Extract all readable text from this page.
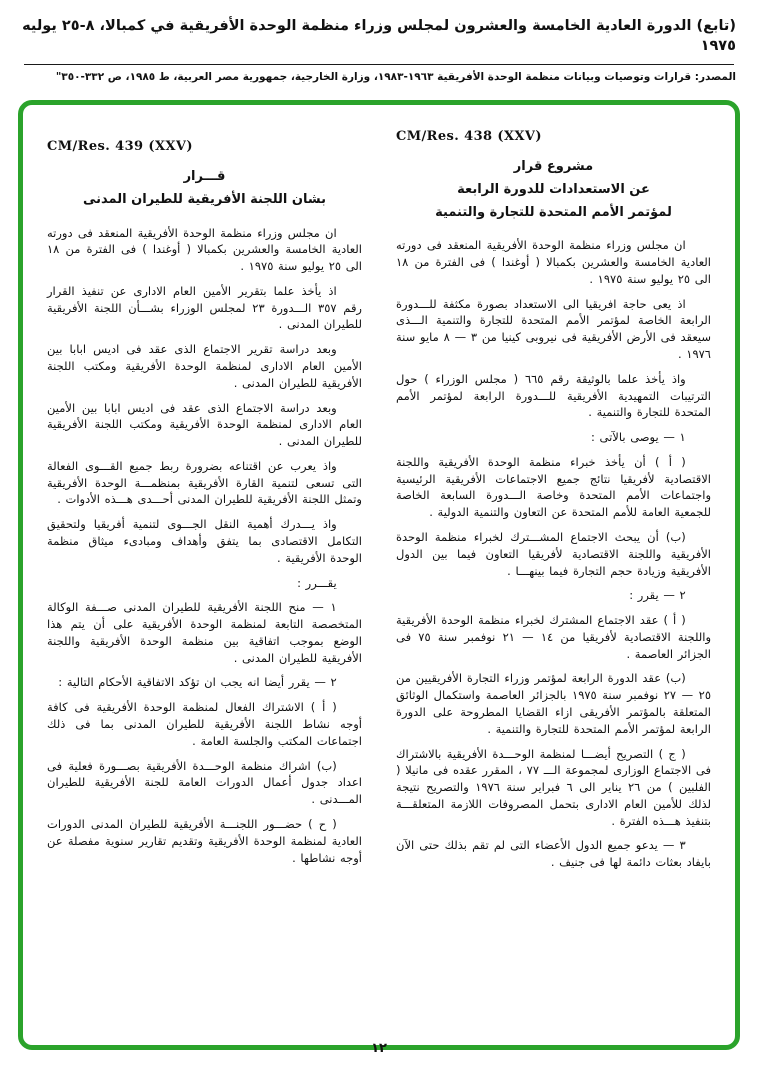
(تابع) الدورة العادية الخامسة والعشرون لمجلس وزراء منظمة الوحدة الأفريقية في كمبالا، ٨-٢٥ يوليه ١٩٧٥
المصدر: قرارات وتوصيات وبيانات منظمة الوحدة الأفريقية ١٩٦٣-١٩٨٣، وزارة الخارجية، جمهورية مصر العربية، ط ١٩٨٥، ص ٣٣٢-٣٥٠"
CM/Res. 438 (XXV)
مشروع قرار
عن الاستعدادات للدورة الرابعة
لمؤتمر الأمم المتحدة للتجارة والتنمية
ان مجلس وزراء منظمة الوحدة الأفريقية المنعقد فى دورته العادية الخامسة والعشرين بكمبالا ( أوغندا ) فى الفترة من ١٨ الى ٢٥ يوليو سنة ١٩٧٥ .
اذ يعى حاجة افريقيا الى الاستعداد بصورة مكثفة للـــدورة الرابعة الخاصة لمؤتمر الأمم المتحدة للتجارة والتنمية الـــذى سيعقد فى الأرض الأفريقية فى نيروبى كينيا من ٣ — ٨ مايو سنة ١٩٧٦ .
واذ يأخذ علما بالوثيقة رقم ٦٦٥ ( مجلس الوزراء ) حول الترتيبات التمهيدية الأفريقية للـــدورة الرابعة لمؤتمر الأمم المتحدة للتجارة والتنمية .
١ — يوصى بالآتى :
( أ ) أن يأخذ خبراء منظمة الوحدة الأفريقية واللجنة الاقتصادية لأفريقيا نتائج جميع الاجتماعات الأفريقية الرئيسية واجتماعات الأمم المتحدة وخاصة الـــدورة السابعة الخاصة للجمعية العامة للأمم المتحدة عن التعاون والتنمية الدولية .
(ب) أن يبحث الاجتماع المشـــترك لخبراء منظمة الوحدة الأفريقية واللجنة الاقتصادية لأفريقيا التعاون فيما بين الدول الأفريقية وزيادة حجم التجارة فيما بينهـــا .
٢ — يقرر :
( أ ) عقد الاجتماع المشترك لخبراء منظمة الوحدة الأفريقية واللجنة الاقتصادية لأفريقيا من ١٤ — ٢١ نوفمبر سنة ٧٥ فى الجزائر العاصمة .
(ب) عقد الدورة الرابعة لمؤتمر وزراء التجارة الأفريقيين من ٢٥ — ٢٧ نوفمبر سنة ١٩٧٥ بالجزائر العاصمة واستكمال الوثائق المتعلقة بالمؤتمر الأفريقى ازاء القضايا المطروحة على الدورة الرابعة لمؤتمر الأمم المتحدة للتجارة والتنمية .
( ج ) التصريح أيضـــا لمنظمة الوحـــدة الأفريقية بالاشتراك فى الاجتماع الوزارى لمجموعة الـــ ٧٧ ، المقرر عقده فى مانيلا ( الفلبين ) من ٢٦ يناير الى ٦ فبراير سنة ١٩٧٦ والتصريح نتيجة لذلك للأمين العام الادارى بتحمل المصروفات اللازمة المتعلقـــة بتنفيذ هـــذه الفترة .
٣ — يدعو جميع الدول الأعضاء التى لم تقم بذلك حتى الآن بايفاد بعثات دائمة لها فى جنيف .
CM/Res. 439 (XXV)
قـــرار
بشان اللجنة الأفريقية للطيران المدنى
ان مجلس وزراء منظمة الوحدة الأفريقية المنعقد فى دورته العادية الخامسة والعشرين بكمبالا ( أوغندا ) فى الفترة من ١٨ الى ٢٥ يوليو سنة ١٩٧٥ .
اذ يأخذ علما بتقرير الأمين العام الادارى عن تنفيذ القرار رقم ٣٥٧ الـــدورة ٢٣ لمجلس الوزراء بشـــأن اللجنة الأفريقية للطيران المدنى .
وبعد دراسة تقرير الاجتماع الذى عقد فى اديس ابابا بين الأمين العام الادارى لمنظمة الوحدة الأفريقية ومكتب اللجنة الأفريقية للطيران المدنى .
وبعد دراسة الاجتماع الذى عقد فى اديس ابابا بين الأمين العام الادارى لمنظمة الوحدة الأفريقية ومكتب اللجنة الأفريقية للطيران المدنى .
واذ يعرب عن اقتناعه بضرورة ربط جميع القـــوى الفعالة التى تسعى لتنمية القارة الأفريقية بمنظمـــة الوحدة الأفريقية وتمثل اللجنة الأفريقية للطيران المدنى أحـــدى هـــذه الأدوات .
واذ يـــدرك أهمية النقل الجـــوى لتنمية أفريقيا ولتحقيق التكامل الاقتصادى بما يتفق وأهداف ومبادىء ميثاق منظمة الوحدة الأفريقية .
يقـــرر :
١ — منح اللجنة الأفريقية للطيران المدنى صـــفة الوكالة المتخصصة التابعة لمنظمة الوحدة الأفريقية على أن يتم هذا الوضع بموجب اتفاقية بين منظمة الوحدة الأفريقية واللجنة الأفريقية للطيران المدنى .
٢ — يقرر أيضا انه يجب ان تؤكد الاتفاقية الأحكام التالية :
( أ ) الاشتراك الفعال لمنظمة الوحدة الأفريقية فى كافة أوجه نشاط اللجنة الأفريقية للطيران المدنى بما فى ذلك اجتماعات المكتب والجلسة العامة .
(ب) اشراك منظمة الوحـــدة الأفريقية بصـــورة فعلية فى اعداد جدول أعمال الدورات العامة للجنة الأفريقية للطيران المـــدنى .
( ح ) حضـــور اللجنـــة الأفريقية للطيران المدنى الدورات العادية لمنظمة الوحدة الأفريقية وتقديم تقارير سنوية مفصلة عن أوجه نشاطها .
١٢
